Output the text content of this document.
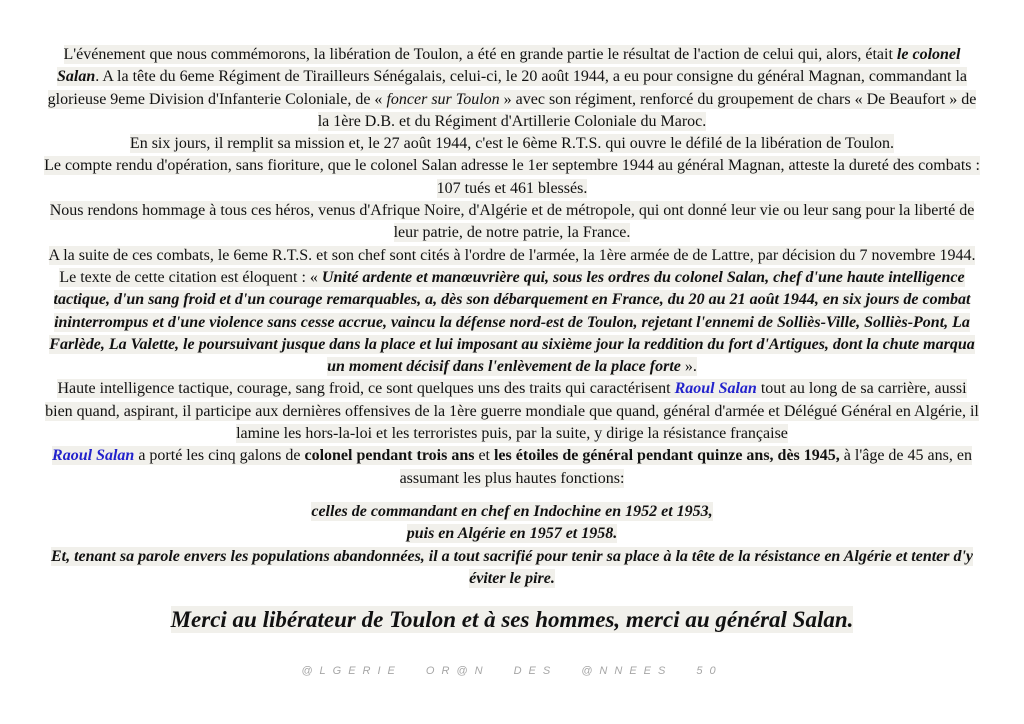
L'événement que nous commémorons, la libération de Toulon, a été en grande partie le résultat de l'action de celui qui, alors, était le colonel Salan. A la tête du 6eme Régiment de Tirailleurs Sénégalais, celui-ci, le 20 août 1944, a eu pour consigne du général Magnan, commandant la glorieuse 9eme Division d'Infanterie Coloniale, de « foncer sur Toulon » avec son régiment, renforcé du groupement de chars « De Beaufort » de la 1ère D.B. et du Régiment d'Artillerie Coloniale du Maroc.

En six jours, il remplit sa mission et, le 27 août 1944, c'est le 6ème R.T.S. qui ouvre le défilé de la libération de Toulon.

Le compte rendu d'opération, sans fioriture, que le colonel Salan adresse le 1er septembre 1944 au général Magnan, atteste la dureté des combats : 107 tués et 461 blessés.

Nous rendons hommage à tous ces héros, venus d'Afrique Noire, d'Algérie et de métropole, qui ont donné leur vie ou leur sang pour la liberté de leur patrie, de notre patrie, la France.

A la suite de ces combats, le 6eme R.T.S. et son chef sont cités à l'ordre de l'armée, la 1ère armée de de Lattre, par décision du 7 novembre 1944. Le texte de cette citation est éloquent : « Unité ardente et manœuvrière qui, sous les ordres du colonel Salan, chef d'une haute intelligence tactique, d'un sang froid et d'un courage remarquables, a, dès son débarquement en France, du 20 au 21 août 1944, en six jours de combat ininterrompus et d'une violence sans cesse accrue, vaincu la défense nord-est de Toulon, rejetant l'ennemi de Solliès-Ville, Solliès-Pont, La Farlède, La Valette, le poursuivant jusque dans la place et lui imposant au sixième jour la reddition du fort d'Artigues, dont la chute marqua un moment décisif dans l'enlèvement de la place forte ».

Haute intelligence tactique, courage, sang froid, ce sont quelques uns des traits qui caractérisent Raoul Salan tout au long de sa carrière, aussi bien quand, aspirant, il participe aux dernières offensives de la 1ère guerre mondiale que quand, général d'armée et Délégué Général en Algérie, il lamine les hors-la-loi et les terroristes puis, par la suite, y dirige la résistance française

Raoul Salan a porté les cinq galons de colonel pendant trois ans et les étoiles de général pendant quinze ans, dès 1945, à l'âge de 45 ans, en assumant les plus hautes fonctions:

celles de commandant en chef en Indochine en 1952 et 1953,

puis en Algérie en 1957 et 1958.

Et, tenant sa parole envers les populations abandonnées, il a tout sacrifié pour tenir sa place à la tête de la résistance en Algérie et tenter d'y éviter le pire.

Merci au libérateur de Toulon et à ses hommes, merci au général Salan.

@LGERIE OR@N DES @NNEES 50
